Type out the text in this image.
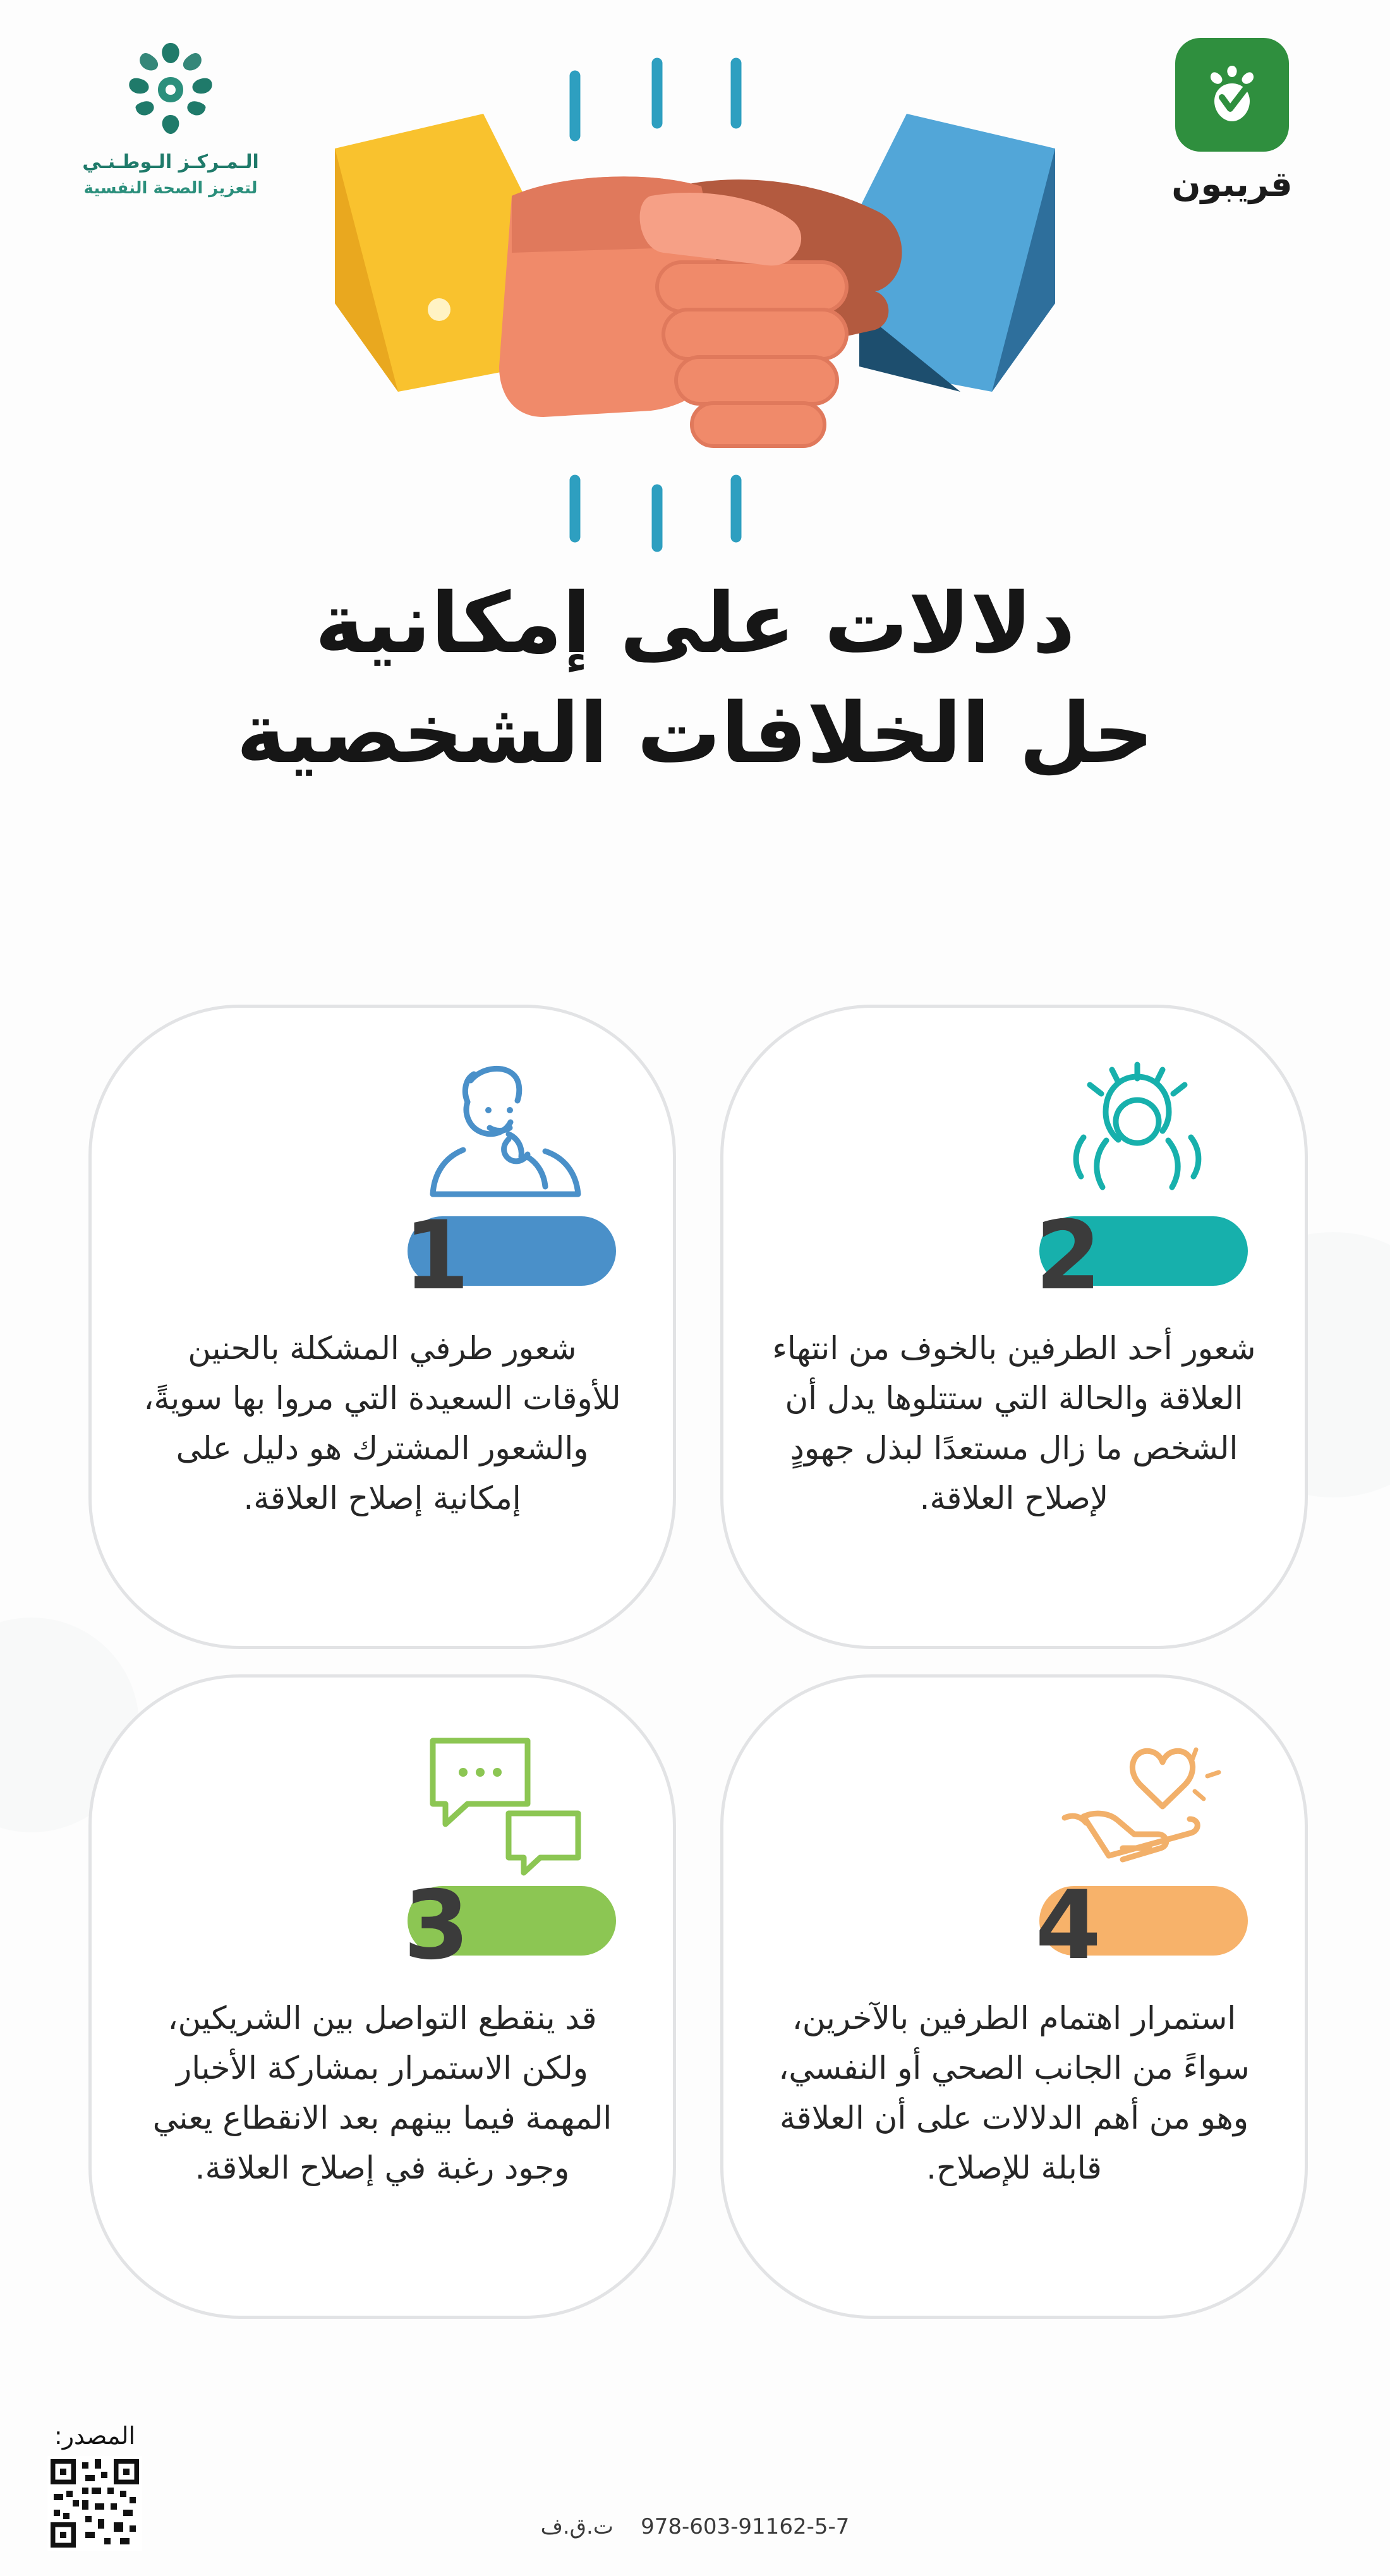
الـمـركـز الـوطـنـي
لتعزيز الصحة النفسية	قريبون
دلالات على إمكانية
حل الخلافات الشخصية
1

شعور طرفي المشكلة بالحنين للأوقات السعيدة التي مروا بها سويةً، والشعور المشترك هو دليل على إمكانية إصلاح العلاقة.

2

شعور أحد الطرفين بالخوف من انتهاء العلاقة والحالة التي ستتلوها يدل أن الشخص ما زال مستعدًا لبذل جهودٍ لإصلاح العلاقة.

3

قد ينقطع التواصل بين الشريكين، ولكن الاستمرار بمشاركة الأخبار المهمة فيما بينهم بعد الانقطاع يعني وجود رغبة في إصلاح العلاقة.

4

استمرار اهتمام الطرفين بالآخرين، سواءً من الجانب الصحي أو النفسي، وهو من أهم الدلالات على أن العلاقة قابلة للإصلاح.

المصدر:
978-603-91162-5-7    ت.ق.ف
